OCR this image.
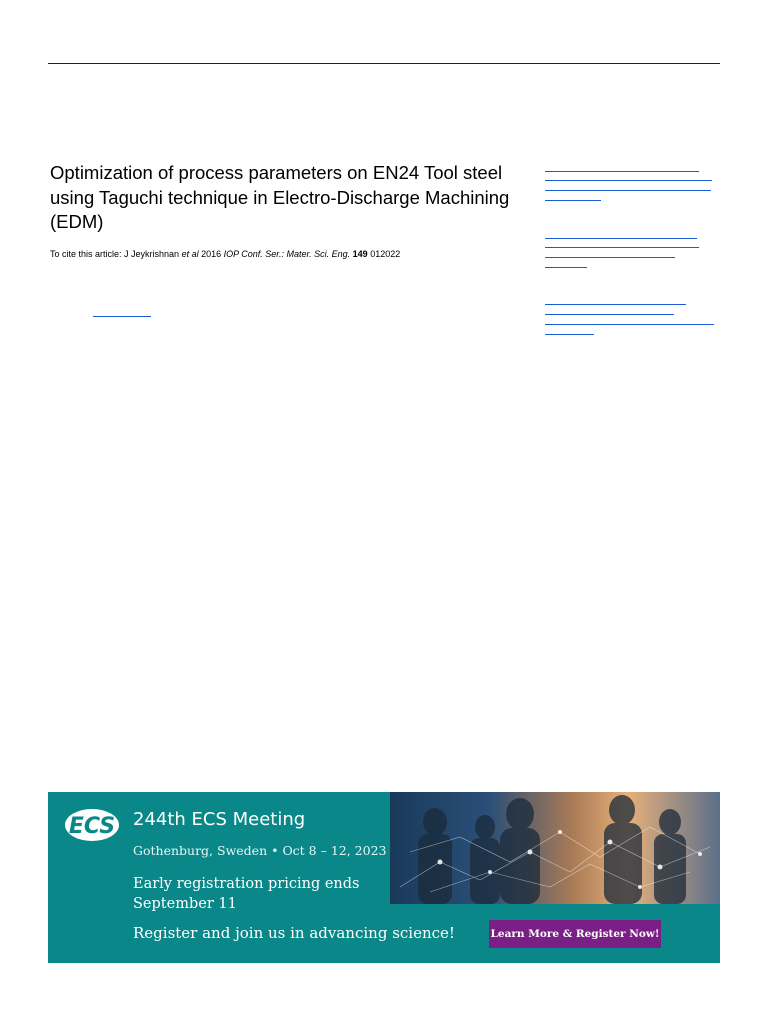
Optimization of process parameters on EN24 Tool steel using Taguchi technique in Electro-Discharge Machining (EDM)
To cite this article: J Jeykrishnan et al 2016 IOP Conf. Ser.: Mater. Sci. Eng. 149 012022
ECS 244th ECS Meeting
Gothenburg, Sweden • Oct 8 – 12, 2023
Early registration pricing ends September 11
Register and join us in advancing science!	Learn More & Register Now!
